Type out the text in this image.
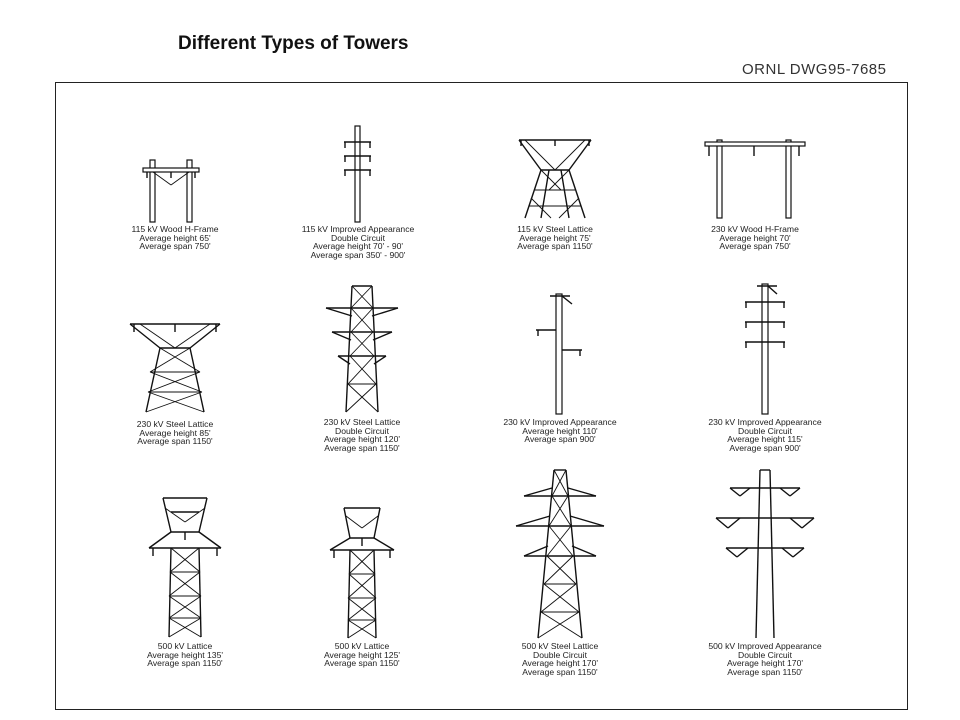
Different Types of Towers
ORNL DWG95-7685
115 kV Wood H-Frame
Average height 65'
Average span 750'
115 kV Improved Appearance
Double Circuit
Average height 70' - 90'
Average span 350' - 900'
115 kV Steel Lattice
Average height 75'
Average span 1150'
230 kV Wood H-Frame
Average height 70'
Average span 750'
230 kV Steel Lattice
Average height 85'
Average span 1150'
230 kV Steel Lattice
Double Circuit
Average height 120'
Average span 1150'
230 kV Improved Appearance
Average height 110'
Average span 900'
230 kV Improved Appearance
Double Circuit
Average height 115'
Average span 900'
500 kV Lattice
Average height 135'
Average span 1150'
500 kV Lattice
Average height 125'
Average span 1150'
500 kV Steel Lattice
Double Circuit
Average height 170'
Average span 1150'
500 kV Improved Appearance
Double Circuit
Average height 170'
Average span 1150'
